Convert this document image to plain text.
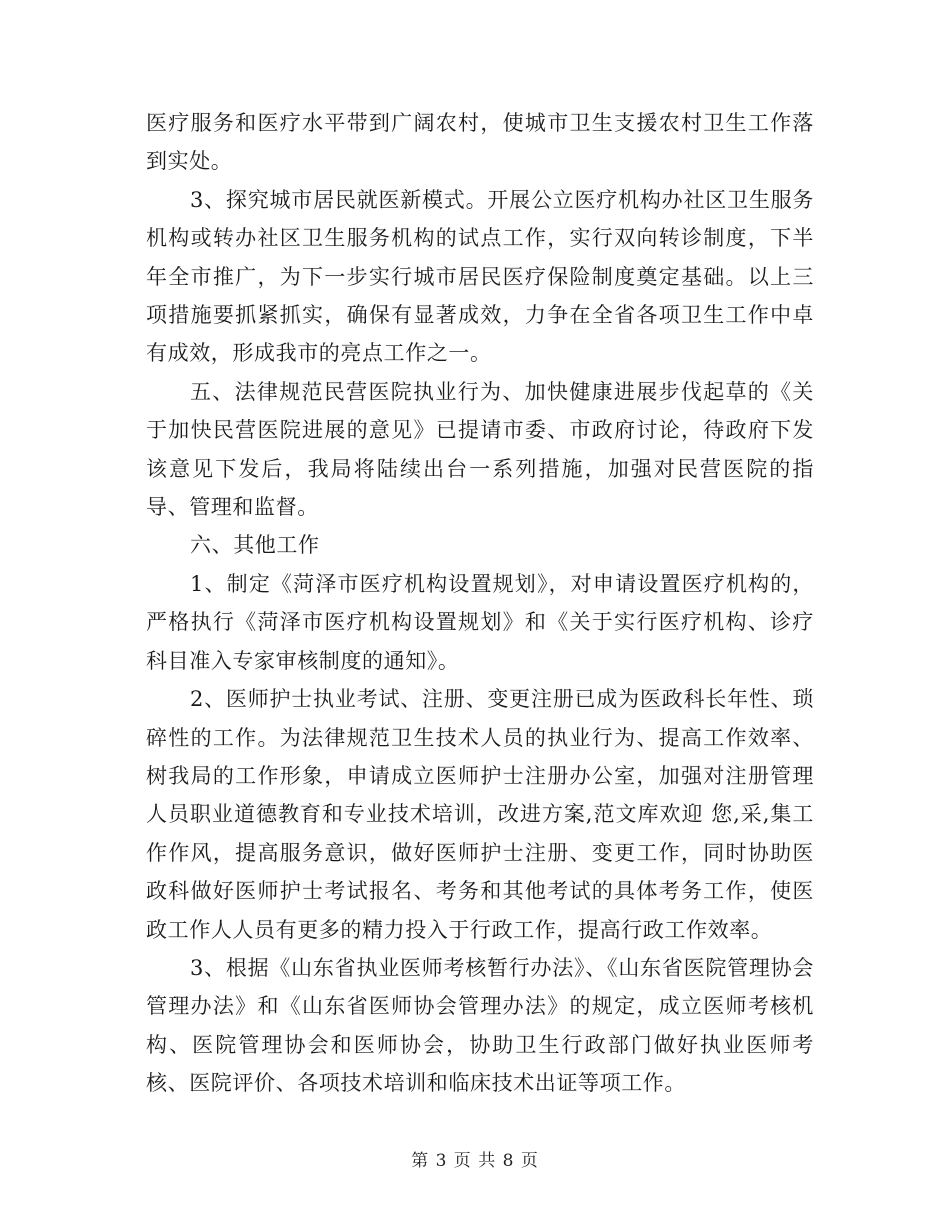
医疗服务和医疗水平带到广阔农村，使城市卫生支援农村卫生工作落到实处。

3、探究城市居民就医新模式。开展公立医疗机构办社区卫生服务机构或转办社区卫生服务机构的试点工作，实行双向转诊制度，下半年全市推广，为下一步实行城市居民医疗保险制度奠定基础。以上三项措施要抓紧抓实，确保有显著成效，力争在全省各项卫生工作中卓有成效，形成我市的亮点工作之一。

五、法律规范民营医院执业行为、加快健康进展步伐起草的《关于加快民营医院进展的意见》已提请市委、市政府讨论，待政府下发该意见下发后，我局将陆续出台一系列措施，加强对民营医院的指导、管理和监督。

六、其他工作

1、制定《菏泽市医疗机构设置规划》，对申请设置医疗机构的，严格执行《菏泽市医疗机构设置规划》和《关于实行医疗机构、诊疗科目准入专家审核制度的通知》。

2、医师护士执业考试、注册、变更注册已成为医政科长年性、琐碎性的工作。为法律规范卫生技术人员的执业行为、提高工作效率、树我局的工作形象，申请成立医师护士注册办公室，加强对注册管理人员职业道德教育和专业技术培训，改进方案,范文库欢迎 您,采,集工作作风，提高服务意识，做好医师护士注册、变更工作，同时协助医政科做好医师护士考试报名、考务和其他考试的具体考务工作，使医政工作人人员有更多的精力投入于行政工作，提高行政工作效率。

3、根据《山东省执业医师考核暂行办法》、《山东省医院管理协会管理办法》和《山东省医师协会管理办法》的规定，成立医师考核机构、医院管理协会和医师协会，协助卫生行政部门做好执业医师考核、医院评价、各项技术培训和临床技术出证等项工作。

第 3 页 共 8 页
